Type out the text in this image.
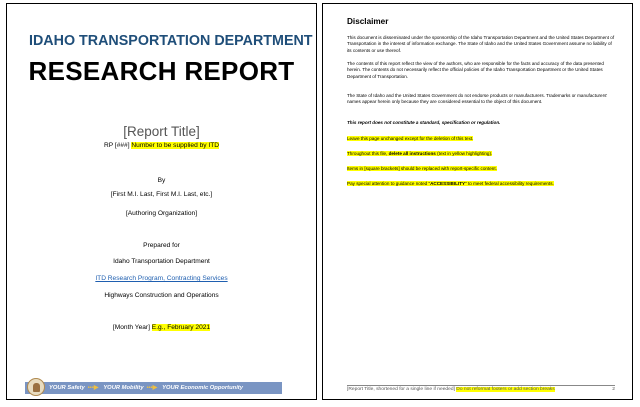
IDAHO TRANSPORTATION DEPARTMENT
RESEARCH REPORT
[Report Title]
RP [###] Number to be supplied by ITD
By
[First M.I. Last, First M.I. Last, etc.]
[Authoring Organization]
Prepared for
Idaho Transportation Department
ITD Research Program, Contracting Services
Highways Construction and Operations
[Month Year] E.g., February 2021
YOUR Safety •••▶ YOUR Mobility •••▶ YOUR Economic Opportunity
Disclaimer
This document is disseminated under the sponsorship of the Idaho Transportation Department and the United States Department of Transportation in the interest of information exchange. The State of Idaho and the United States Government assume no liability of its contents or use thereof.
The contents of this report reflect the view of the authors, who are responsible for the facts and accuracy of the data presented herein. The contents do not necessarily reflect the official policies of the Idaho Transportation Department or the United States Department of Transportation.
The State of Idaho and the United States Government do not endorse products or manufacturers. Trademarks or manufacturers' names appear herein only because they are considered essential to the object of this document.
This report does not constitute a standard, specification or regulation.
Leave this page unchanged except for the deletion of this text.
Throughout this file, delete all instructions (text in yellow highlighting).
Items in [square brackets] should be replaced with report-specific content.
Pay special attention to guidance noted "ACCESSIBILITY" to meet federal accessibility requirements.
[Report Title, shortened for a single line if needed] Do not reformat footers or add section breaks	2
